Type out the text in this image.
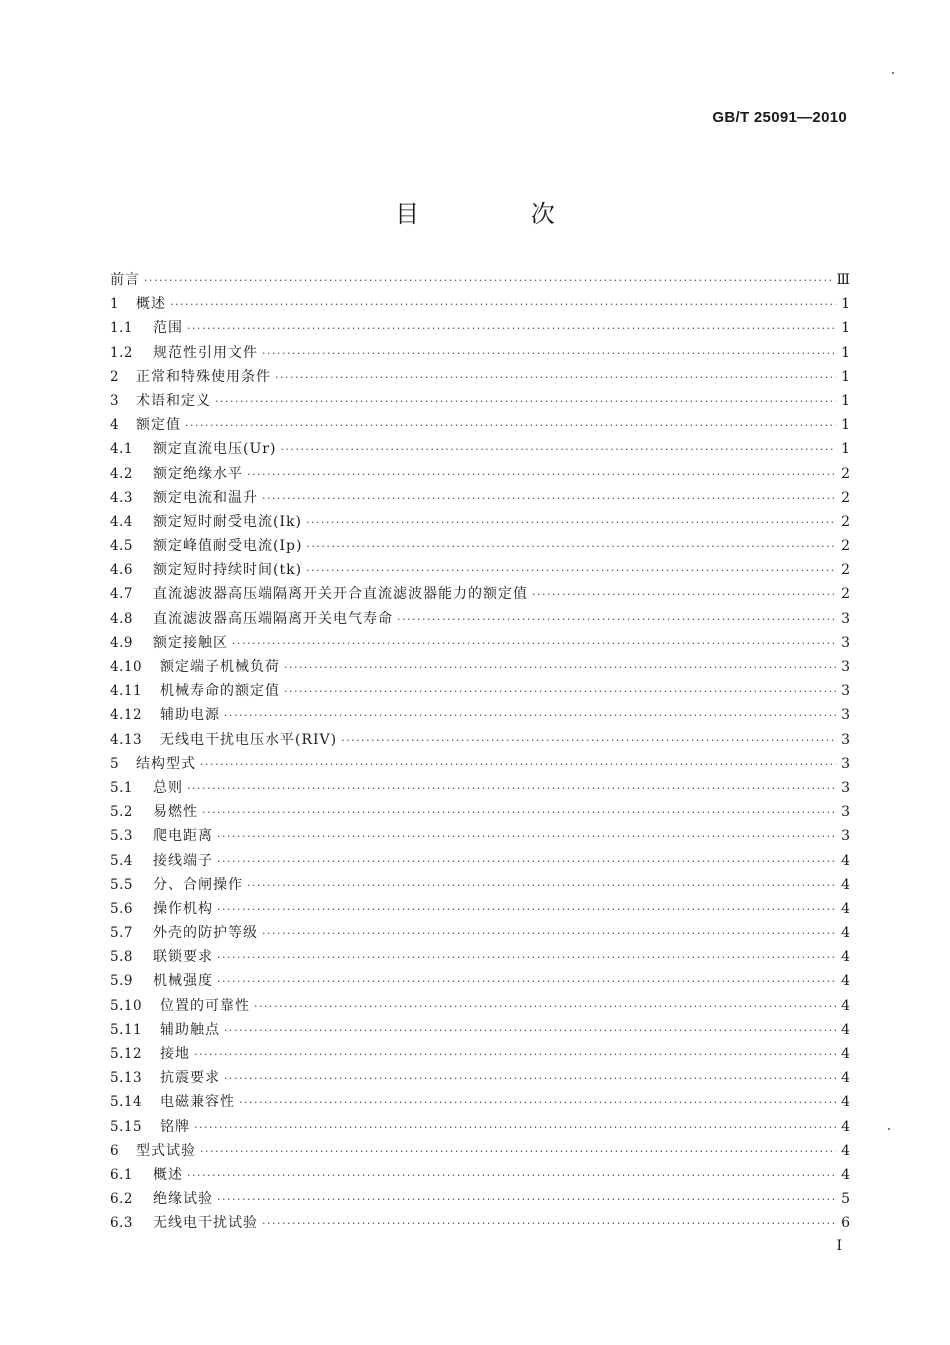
GB/T 25091—2010
目 次
前言 ·····	Ⅲ
1	概述 ·····	1
1.1	范围 ·····	1
1.2	规范性引用文件 ·····	1
2	正常和特殊使用条件 ·····	1
3	术语和定义 ·····	1
4	额定值 ·····	1
4.1	额定直流电压(Ur) ·····	1
4.2	额定绝缘水平 ·····	2
4.3	额定电流和温升 ·····	2
4.4	额定短时耐受电流(Ik) ·····	2
4.5	额定峰值耐受电流(Ip) ·····	2
4.6	额定短时持续时间(tk) ·····	2
4.7	直流滤波器高压端隔离开关开合直流滤波器能力的额定值 ·····	2
4.8	直流滤波器高压端隔离开关电气寿命 ·····	3
4.9	额定接触区 ·····	3
4.10	额定端子机械负荷 ·····	3
4.11	机械寿命的额定值 ·····	3
4.12	辅助电源 ·····	3
4.13	无线电干扰电压水平(RIV) ·····	3
5	结构型式 ·····	3
5.1	总则 ·····	3
5.2	易燃性 ·····	3
5.3	爬电距离 ·····	3
5.4	接线端子 ·····	4
5.5	分、合闸操作 ·····	4
5.6	操作机构 ·····	4
5.7	外壳的防护等级 ·····	4
5.8	联锁要求 ·····	4
5.9	机械强度 ·····	4
5.10	位置的可靠性 ·····	4
5.11	辅助触点 ·····	4
5.12	接地 ·····	4
5.13	抗震要求 ·····	4
5.14	电磁兼容性 ·····	4
5.15	铭牌 ·····	4
6	型式试验 ·····	4
6.1	概述 ·····	4
6.2	绝缘试验 ·····	5
6.3	无线电干扰试验 ·····	6
I
